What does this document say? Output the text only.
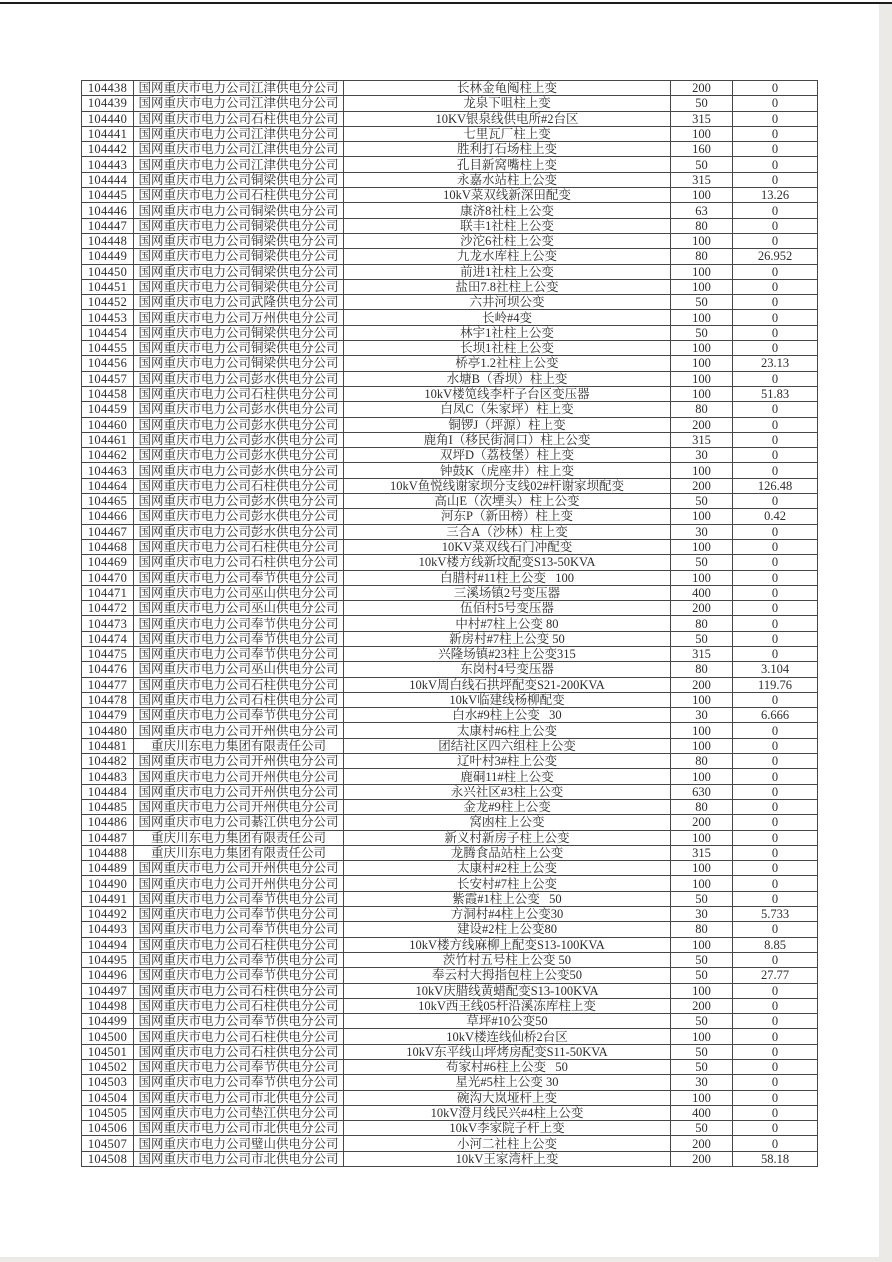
104438	国网重庆市电力公司江津供电分公司	长林金龟阄柱上变	200	0
104439	国网重庆市电力公司江津供电分公司	龙泉下咀柱上变	50	0
104440	国网重庆市电力公司石柱供电分公司	10KV银泉线供电所#2台区	315	0
104441	国网重庆市电力公司江津供电分公司	七里瓦厂柱上变	100	0
104442	国网重庆市电力公司江津供电分公司	胜利打石场柱上变	160	0
104443	国网重庆市电力公司江津供电分公司	孔目新窝嘴柱上变	50	0
104444	国网重庆市电力公司铜梁供电分公司	永嘉水站柱上公变	315	0
104445	国网重庆市电力公司石柱供电分公司	10kV菜双线新深田配变	100	13.26
104446	国网重庆市电力公司铜梁供电分公司	康济8社柱上公变	63	0
104447	国网重庆市电力公司铜梁供电分公司	联丰1社柱上公变	80	0
104448	国网重庆市电力公司铜梁供电分公司	沙沱6社柱上公变	100	0
104449	国网重庆市电力公司铜梁供电分公司	九龙水库柱上公变	80	26.952
104450	国网重庆市电力公司铜梁供电分公司	前进1社柱上公变	100	0
104451	国网重庆市电力公司铜梁供电分公司	盐田7.8社柱上公变	100	0
104452	国网重庆市电力公司武隆供电分公司	六井河坝公变	50	0
104453	国网重庆市电力公司万州供电分公司	长岭#4变	100	0
104454	国网重庆市电力公司铜梁供电分公司	林宇1社柱上公变	50	0
104455	国网重庆市电力公司铜梁供电分公司	长坝1社柱上公变	100	0
104456	国网重庆市电力公司铜梁供电分公司	桥亭1.2社柱上公变	100	23.13
104457	国网重庆市电力公司彭水供电分公司	水塘B（香坝）柱上变	100	0
104458	国网重庆市电力公司石柱供电分公司	10kV楼笕线李杆子台区变压器	100	51.83
104459	国网重庆市电力公司彭水供电分公司	白凤C（朱家坪）柱上变	80	0
104460	国网重庆市电力公司彭水供电分公司	铜锣J（坪源）柱上变	200	0
104461	国网重庆市电力公司彭水供电分公司	鹿角I（移民街洞口）柱上公变	315	0
104462	国网重庆市电力公司彭水供电分公司	双坪D（荔枝堡）柱上变	30	0
104463	国网重庆市电力公司彭水供电分公司	钟鼓K（虎座井）柱上变	100	0
104464	国网重庆市电力公司石柱供电分公司	10kV鱼悦线谢家坝分支线02#杆谢家坝配变	200	126.48
104465	国网重庆市电力公司彭水供电分公司	高山E（次堙头）柱上公变	50	0
104466	国网重庆市电力公司彭水供电分公司	河东P（新田榜）柱上变	100	0.42
104467	国网重庆市电力公司彭水供电分公司	三合A（沙林）柱上变	30	0
104468	国网重庆市电力公司石柱供电分公司	10KV菜双线石门冲配变	100	0
104469	国网重庆市电力公司石柱供电分公司	10kV楼方线新坟配变S13-50KVA	50	0
104470	国网重庆市电力公司奉节供电分公司	白腊村#11柱上公变   100	100	0
104471	国网重庆市电力公司巫山供电分公司	三溪场镇2号变压器	400	0
104472	国网重庆市电力公司巫山供电分公司	伍佰村5号变压器	200	0
104473	国网重庆市电力公司奉节供电分公司	中村#7柱上公变 80	80	0
104474	国网重庆市电力公司奉节供电分公司	新房村#7柱上公变 50	50	0
104475	国网重庆市电力公司奉节供电分公司	兴隆场镇#23柱上公变315	315	0
104476	国网重庆市电力公司巫山供电分公司	东岗村4号变压器	80	3.104
104477	国网重庆市电力公司石柱供电分公司	10kV周白线石拱坪配变S21-200KVA	200	119.76
104478	国网重庆市电力公司石柱供电分公司	10kV临建线杨柳配变	100	0
104479	国网重庆市电力公司奉节供电分公司	白水#9柱上公变   30	30	6.666
104480	国网重庆市电力公司开州供电分公司	太康村#6柱上公变	100	0
104481	重庆川东电力集团有限责任公司	团结社区四六组柱上公变	100	0
104482	国网重庆市电力公司开州供电分公司	辽叶村3#柱上公变	80	0
104483	国网重庆市电力公司开州供电分公司	鹿硐11#柱上公变	100	0
104484	国网重庆市电力公司开州供电分公司	永兴社区#3柱上公变	630	0
104485	国网重庆市电力公司开州供电分公司	金龙#9柱上公变	80	0
104486	国网重庆市电力公司綦江供电分公司	窝凼柱上公变	200	0
104487	重庆川东电力集团有限责任公司	新义村新房子柱上公变	100	0
104488	重庆川东电力集团有限责任公司	龙腾食品站柱上公变	315	0
104489	国网重庆市电力公司开州供电分公司	太康村#2柱上公变	100	0
104490	国网重庆市电力公司开州供电分公司	长安村#7柱上公变	100	0
104491	国网重庆市电力公司奉节供电分公司	紫霞#1柱上公变   50	50	0
104492	国网重庆市电力公司奉节供电分公司	方洞村#4柱上公变30	30	5.733
104493	国网重庆市电力公司奉节供电分公司	建设#2柱上公变80	80	0
104494	国网重庆市电力公司石柱供电分公司	10kV楼方线麻柳上配变S13-100KVA	100	8.85
104495	国网重庆市电力公司奉节供电分公司	茨竹村五号柱上公变 50	50	0
104496	国网重庆市电力公司奉节供电分公司	奉云村大拇指包柱上公变50	50	27.77
104497	国网重庆市电力公司石柱供电分公司	10kV庆腊线黄蜡配变S13-100KVA	100	0
104498	国网重庆市电力公司石柱供电分公司	10kV西王线05杆沿溪冻库柱上变	200	0
104499	国网重庆市电力公司奉节供电分公司	草坪#10公变50	50	0
104500	国网重庆市电力公司石柱供电分公司	10kV楼连线仙桥2台区	100	0
104501	国网重庆市电力公司石柱供电分公司	10kV东平线山坪烤房配变S11-50KVA	50	0
104502	国网重庆市电力公司奉节供电分公司	苟家村#6柱上公变   50	50	0
104503	国网重庆市电力公司奉节供电分公司	星光#5柱上公变 30	30	0
104504	国网重庆市电力公司市北供电分公司	碗沟大岚垭杆上变	100	0
104505	国网重庆市电力公司垫江供电分公司	10kV澄月线民兴#4柱上公变	400	0
104506	国网重庆市电力公司市北供电分公司	10kV李家院子杆上变	50	0
104507	国网重庆市电力公司璧山供电分公司	小河二社柱上公变	200	0
104508	国网重庆市电力公司市北供电分公司	10kV王家湾杆上变	200	58.18
